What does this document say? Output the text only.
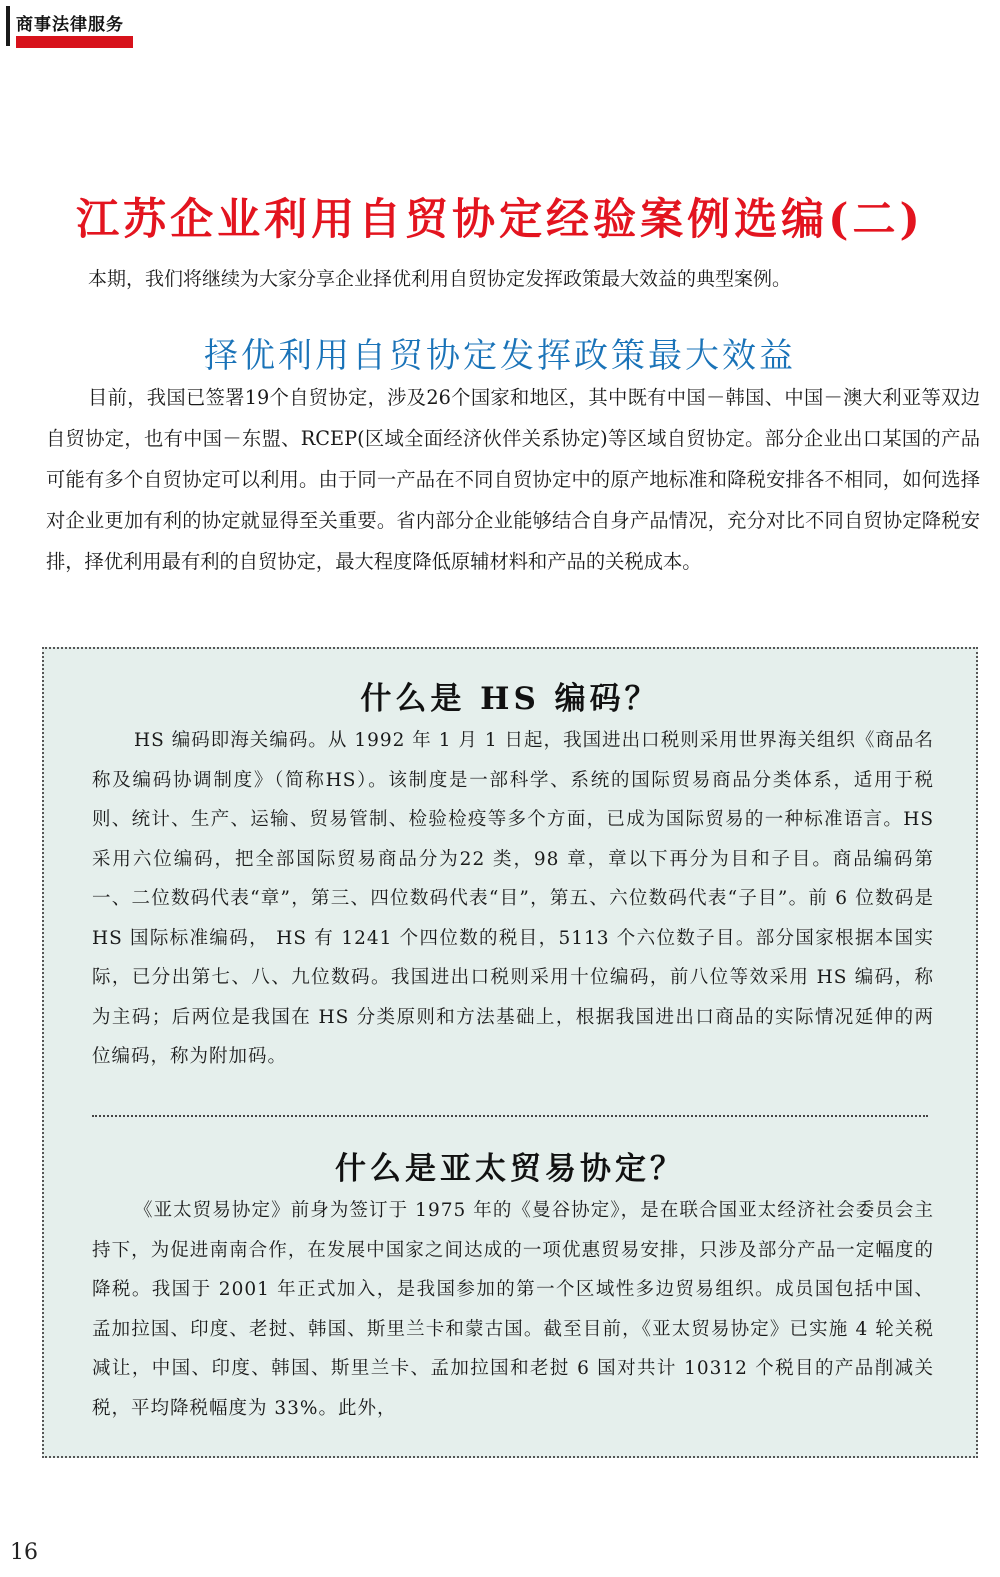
商事法律服务
江苏企业利用自贸协定经验案例选编(二)
本期，我们将继续为大家分享企业择优利用自贸协定发挥政策最大效益的典型案例。
择优利用自贸协定发挥政策最大效益

目前，我国已签署19个自贸协定，涉及26个国家和地区，其中既有中国－韩国、中国－澳大利亚等双边自贸协定，也有中国－东盟、RCEP(区域全面经济伙伴关系协定)等区域自贸协定。部分企业出口某国的产品可能有多个自贸协定可以利用。由于同一产品在不同自贸协定中的原产地标准和降税安排各不相同，如何选择对企业更加有利的协定就显得至关重要。省内部分企业能够结合自身产品情况，充分对比不同自贸协定降税安排，择优利用最有利的自贸协定，最大程度降低原辅材料和产品的关税成本。

什么是 HS 编码？

HS 编码即海关编码。从 1992 年 1 月 1 日起，我国进出口税则采用世界海关组织《商品名称及编码协调制度》（简称HS）。该制度是一部科学、系统的国际贸易商品分类体系，适用于税则、统计、生产、运输、贸易管制、检验检疫等多个方面，已成为国际贸易的一种标准语言。HS 采用六位编码，把全部国际贸易商品分为22 类，98 章，章以下再分为目和子目。商品编码第一、二位数码代表“章”，第三、四位数码代表“目”，第五、六位数码代表“子目”。前 6 位数码是 HS 国际标准编码， HS 有 1241 个四位数的税目，5113 个六位数子目。部分国家根据本国实际，已分出第七、八、九位数码。我国进出口税则采用十位编码，前八位等效采用 HS 编码，称为主码；后两位是我国在 HS 分类原则和方法基础上，根据我国进出口商品的实际情况延伸的两位编码，称为附加码。

什么是亚太贸易协定？

《亚太贸易协定》前身为签订于 1975 年的《曼谷协定》，是在联合国亚太经济社会委员会主持下，为促进南南合作，在发展中国家之间达成的一项优惠贸易安排，只涉及部分产品一定幅度的降税。我国于 2001 年正式加入，是我国参加的第一个区域性多边贸易组织。成员国包括中国、孟加拉国、印度、老挝、韩国、斯里兰卡和蒙古国。截至目前，《亚太贸易协定》已实施 4 轮关税减让，中国、印度、韩国、斯里兰卡、孟加拉国和老挝 6 国对共计 10312 个税目的产品削减关税，平均降税幅度为 33%。此外，

16
